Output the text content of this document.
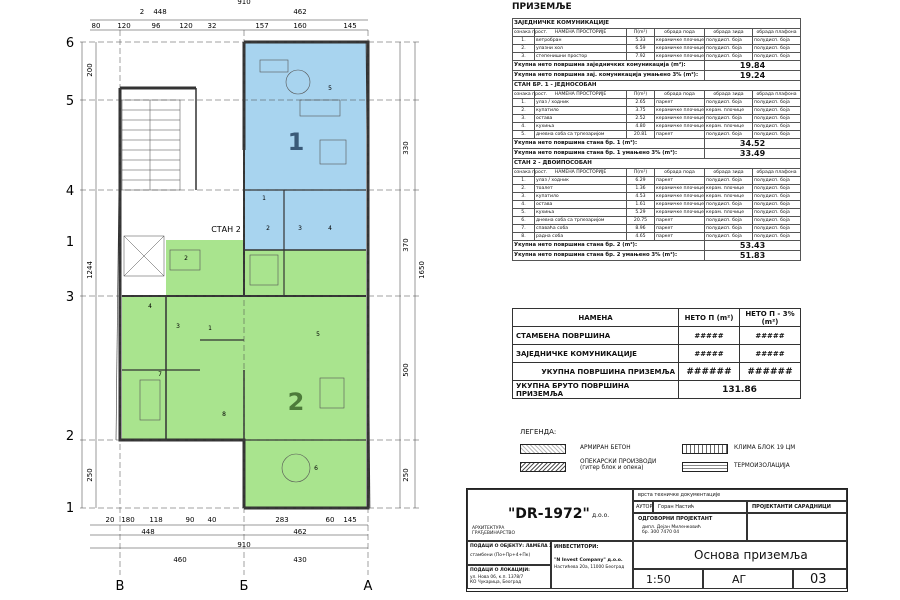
1
2
СТАН 2
1
2	3	4
5
1
2
3
4
5
6
7
8
2 448
80 120	96	120 32
910
462
157	160	145
20 180 118	90 40	283	60 145
448	462
910
460	430
200
1244
250
330
370
1650
500
250
6
5
4
1
3
2
1
В	Б	А
ПРИЗЕМЉЕ
ЗАЈЕДНИЧКЕ КОМУНИКАЦИЈЕ					
ознака прост.	НАМЕНА ПРОСТОРИЈЕ	П(m²)	обрада пода	обрада зида	обрада плафона
1.	ветробран	5.33	керамичке плочице	полудисп. боја	полудисп. боја
2.	улазни хол	6.59	керамичке плочице	полудисп. боја	полудисп. боја
3.	степенишни простор	7.92	керамичке плочице	полудисп. боја	полудисп. боја
Укупна нето површина заједничких комуникација (m²):				19.84	
Укупна нето површина зај. комуникација умањено 3% (m²):				19.24	
СТАН БР. 1 - ЈЕДНОСОБАН					
ознака прост.	НАМЕНА ПРОСТОРИЈЕ	П(m²)	обрада пода	обрада зида	обрада плафона
1.	улаз / ходник	2.65	паркет	полудисп. боја	полудисп. боја
2.	купатило	3.75	керамичке плочице	керам. плочице	полудисп. боја
3.	остава	2.52	керамичке плочице	полудисп. боја	полудисп. боја
4.	кухиња	4.80	керамичке плочице	керам. плочице	полудисп. боја
5.	дневна соба са трпезаријом	20.81	паркет	полудисп. боја	полудисп. боја
Укупна нето површина стана бр. 1 (m²):				34.52	
Укупна нето површина стана бр. 1 умањено 3% (m²):				33.49	
СТАН 2 - ДВОИПОСОБАН					
ознака прост.	НАМЕНА ПРОСТОРИЈЕ	П(m²)	обрада пода	обрада зида	обрада плафона
1.	улаз / ходник	6.29	паркет	полудисп. боја	полудисп. боја
2.	тоалет	1.36	керамичке плочице	керам. плочице	полудисп. боја
3.	купатило	4.53	керамичке плочице	керам. плочице	полудисп. боја
4.	остава	1.61	керамичке плочице	полудисп. боја	полудисп. боја
5.	кухиња	5.29	керамичке плочице	керам. плочице	полудисп. боја
6.	дневна соба са трпезаријом	20.75	паркет	полудисп. боја	полудисп. боја
7.	спаваћа соба	8.96	паркет	полудисп. боја	полудисп. боја
8.	радна соба	4.65	паркет	полудисп. боја	полудисп. боја
Укупна нето површина стана бр. 2 (m²):				53.43	
Укупна нето површина стана бр. 2 умањено 3% (m²):				51.83	
НАМЕНА	НЕТО П (m²)	НЕТО П - 3% (m²)
СТАМБЕНА ПОВРШИНА	#####	#####
ЗАЈЕДНИЧКЕ КОМУНИКАЦИЈЕ	#####	#####
УКУПНА ПОВРШИНА ПРИЗЕМЉА	######	######
УКУПНА БРУТО ПОВРШИНА ПРИЗЕМЉА	131.86	
ЛЕГЕНДА:
АРМИРАН БЕТОН	КЛИМА БЛОК 19 ЦМ
ОПЕКАРСКИ ПРОИЗВОДИ
(гитер блок и опека)	ТЕРМОИЗОЛАЦИЈА
"DR-1972" д.о.о.
АРХИТЕКТУРА
ГРАЂЕВИНАРСТВО
врста техничке документације
АУТОР Горан Настић	ПРОЈЕКТАНТИ САРАДНИЦИ
ОДГОВОРНИ ПРОЈЕКТАНТ
дипл. Дејан Миленковић
бр. 300 7470 04
ПОДАЦИ О ОБЈЕКТУ: ЛАМЕЛА 2
стамбени (По+Пр+4+Пк)
ИНВЕСТИТОРИ:
"N Invest Company" д.о.о.
Настићева 20а, 11000 Београд
ПОДАЦИ О ЛОКАЦИЈИ:
ул. Нова 06, к.п. 1378/7
КО Чукарица, Београд
Основа приземља
1:50	АГ	03
